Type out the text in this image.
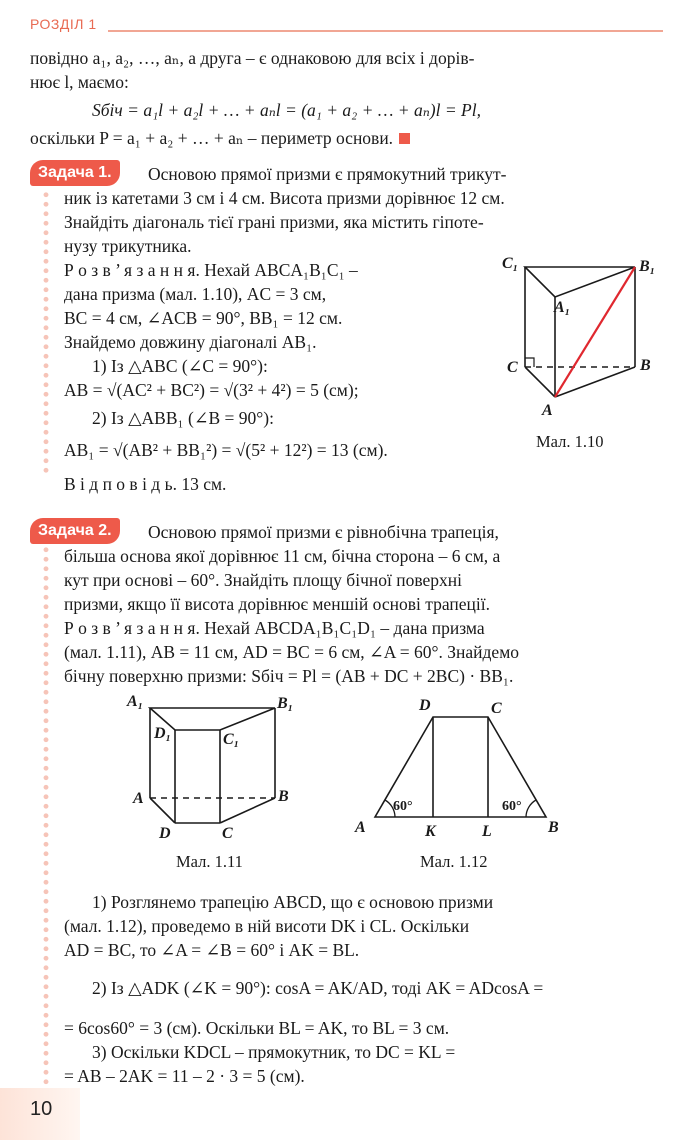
РОЗДІЛ 1
повідно a₁, a₂, …, aₙ, а друга – є однаковою для всіх і дорів-
нює l, маємо:
Sбіч = a₁l + a₂l + … + aₙl = (a₁ + a₂ + … + aₙ)l = Pl,
оскільки P = a₁ + a₂ + … + aₙ – периметр основи.
Задача 1.	Основою прямої призми є прямокутний трикут-
ник із катетами 3 см і 4 см. Висота призми дорівнює 12 см.
Знайдіть діагональ тієї грані призми, яка містить гіпоте-
нузу трикутника.
Р о з в ’ я з а н н я. Нехай ABCA₁B₁C₁ –
дана призма (мал. 1.10), AC = 3 см,
BC = 4 см, ∠ACB = 90°, BB₁ = 12 см.
Знайдемо довжину діагоналі AB₁.
1) Із △ABC (∠C = 90°):
AB = √(AC² + BC²) = √(3² + 4²) = 5 (см);
2) Із △ABB₁ (∠B = 90°):
AB₁ = √(AB² + BB₁²) = √(5² + 12²) = 13 (см).
В і д п о в і д ь. 13 см.
C₁	B₁
A₁
C	B
A
Мал. 1.10
Задача 2.	Основою прямої призми є рівнобічна трапеція,
більша основа якої дорівнює 11 см, бічна сторона – 6 см, а
кут при основі – 60°. Знайдіть площу бічної поверхні
призми, якщо її висота дорівнює меншій основі трапеції.
Р о з в ’ я з а н н я. Нехай ABCDA₁B₁C₁D₁ – дана призма
(мал. 1.11), AB = 11 см, AD = BC = 6 см, ∠A = 60°. Знайдемо
бічну поверхню призми: Sбіч = Pl = (AB + DC + 2BC) · BB₁.
A₁	B₁
D₁	C₁
A	B
D	C
Мал. 1.11
D	C
A	K	L	B
60°	60°
Мал. 1.12
1) Розглянемо трапецію ABCD, що є основою призми
(мал. 1.12), проведемо в ній висоти DK і CL. Оскільки
AD = BC, то ∠A = ∠B = 60° і AK = BL.
2) Із △ADK (∠K = 90°): cosA = AK/AD, тоді AK = ADcosA =
= 6cos60° = 3 (см). Оскільки BL = AK, то BL = 3 см.
3) Оскільки KDCL – прямокутник, то DC = KL =
= AB – 2AK = 11 – 2 · 3 = 5 (см).
10
